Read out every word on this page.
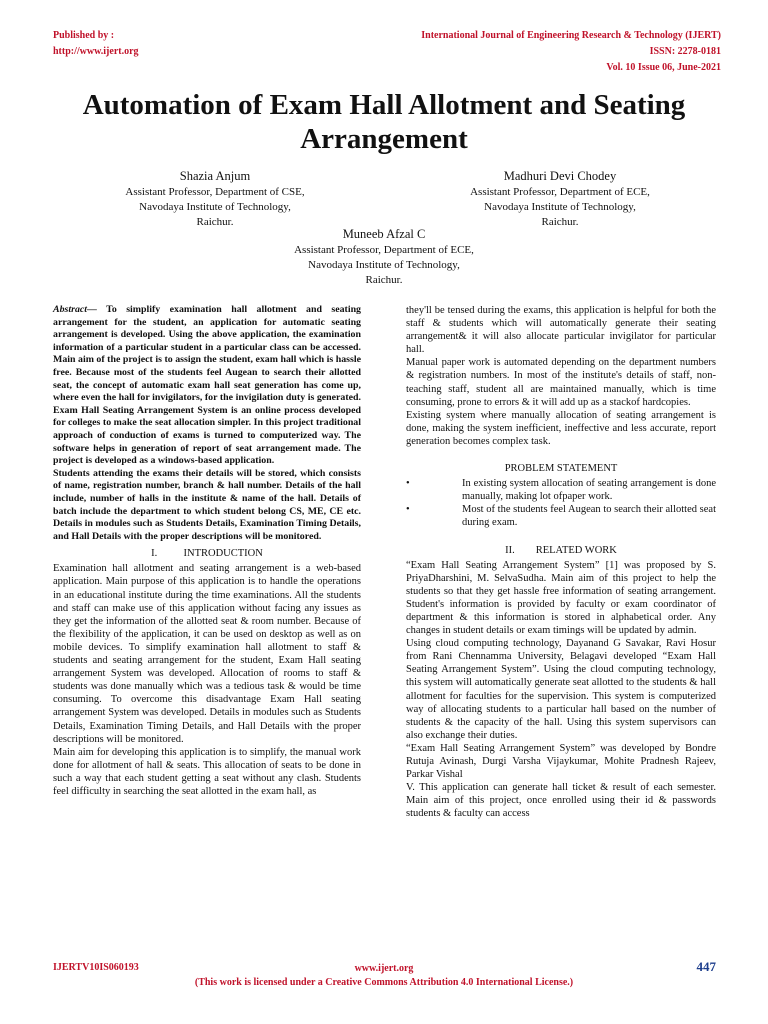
Published by :
http://www.ijert.org
International Journal of Engineering Research & Technology (IJERT)
ISSN: 2278-0181
Vol. 10 Issue 06, June-2021
Automation of Exam Hall Allotment and Seating Arrangement
Shazia Anjum
Assistant Professor, Department of CSE,
Navodaya Institute of Technology,
Raichur.
Madhuri Devi Chodey
Assistant Professor, Department of ECE,
Navodaya Institute of Technology,
Raichur.
Muneeb Afzal C
Assistant Professor, Department of ECE,
Navodaya Institute of Technology,
Raichur.

Abstract— To simplify examination hall allotment and seating arrangement for the student, an application for automatic seating arrangement is developed. Using the above application, the examination information of a particular student in a particular class can be accessed. Main aim of the project is to assign the student, exam hall which is hassle free. Because most of the students feel Augean to search their allotted seat, the concept of automatic exam hall seat generation has come up, where even the hall for invigilators, for the invigilation duty is generated. Exam Hall Seating Arrangement System is an online process developed for colleges to make the seat allocation simpler. In this project traditional approach of conduction of exams is turned to computerized way. The software helps in generation of report of seat arrangement made. The project is developed as a windows-based application.

Students attending the exams their details will be stored, which consists of name, registration number, branch & hall number. Details of the hall include, number of halls in the institute & name of the hall. Details of batch include the department to which student belong CS, ME, CE etc. Details in modules such as Students Details, Examination Timing Details, and Hall Details with the proper descriptions will be monitored.

I.          INTRODUCTION

Examination hall allotment and seating arrangement is a web-based application. Main purpose of this application is to handle the operations in an educational institute during the time examinations. All the students and staff can make use of this application without facing any issues as they get the information of the allotted seat & room number. Because of the flexibility of the application, it can be used on desktop as well as on mobile devices. To simplify examination hall allotment to staff & students and seating arrangement for the student, Exam Hall seating arrangement System was developed. Allocation of rooms to staff & students was done manually which was a tedious task & would be time consuming. To overcome this disadvantage Exam Hall seating arrangement System was developed. Details in modules such as Students Details, Examination Timing Details, and Hall Details with the proper descriptions will be monitored.

Main aim for developing this application is to simplify, the manual work done for allotment of hall & seats. This allocation of seats to be done in such a way that each student getting a seat without any clash. Students feel difficulty in searching the seat allotted in the exam hall, as

they'll be tensed during the exams, this application is helpful for both the staff & students which will automatically generate their seating arrangement& it will also allocate particular invigilator for particular hall.

Manual paper work is automated depending on the department numbers & registration numbers. In most of the institute's details of staff, non-teaching staff, student all are maintained manually, which is time consuming, prone to errors & it will add up as a stackof hardcopies.

Existing system where manually allocation of seating arrangement is done, making the system inefficient, ineffective and less accurate, report generation becomes complex task.

PROBLEM STATEMENT

•	In existing system allocation of seating arrangement is done manually, making lot ofpaper work.
•	Most of the students feel Augean to search their allotted seat during exam.

II.        RELATED WORK

“Exam Hall Seating Arrangement System” [1] was proposed by S. PriyaDharshini, M. SelvaSudha. Main aim of this project to help the students so that they get hassle free information of seating arrangement. Student's information is provided by faculty or exam coordinator of department & this information is stored in alphabetical order. Any changes in student details or exam timings will be updated by admin.

Using cloud computing technology, Dayanand G Savakar, Ravi Hosur from Rani Chennamma University, Belagavi developed “Exam Hall Seating Arrangement System”. Using the cloud computing technology, this system will automatically generate seat allotted to the students & hall allotment for faculties for the supervision. This system is computerized way of allocating students to a particular hall based on the number of students & the capacity of the hall. Using this system supervisors can also exchange their duties.

“Exam Hall Seating Arrangement System” was developed by Bondre Rutuja Avinash, Durgi Varsha Vijaykumar, Mohite Pradnesh Rajeev, Parkar Vishal

V. This application can generate hall ticket & result of each semester. Main aim of this project, once enrolled using their id & passwords students & faculty can access

IJERTV10IS060193	www.ijert.org
(This work is licensed under a Creative Commons Attribution 4.0 International License.)
447
